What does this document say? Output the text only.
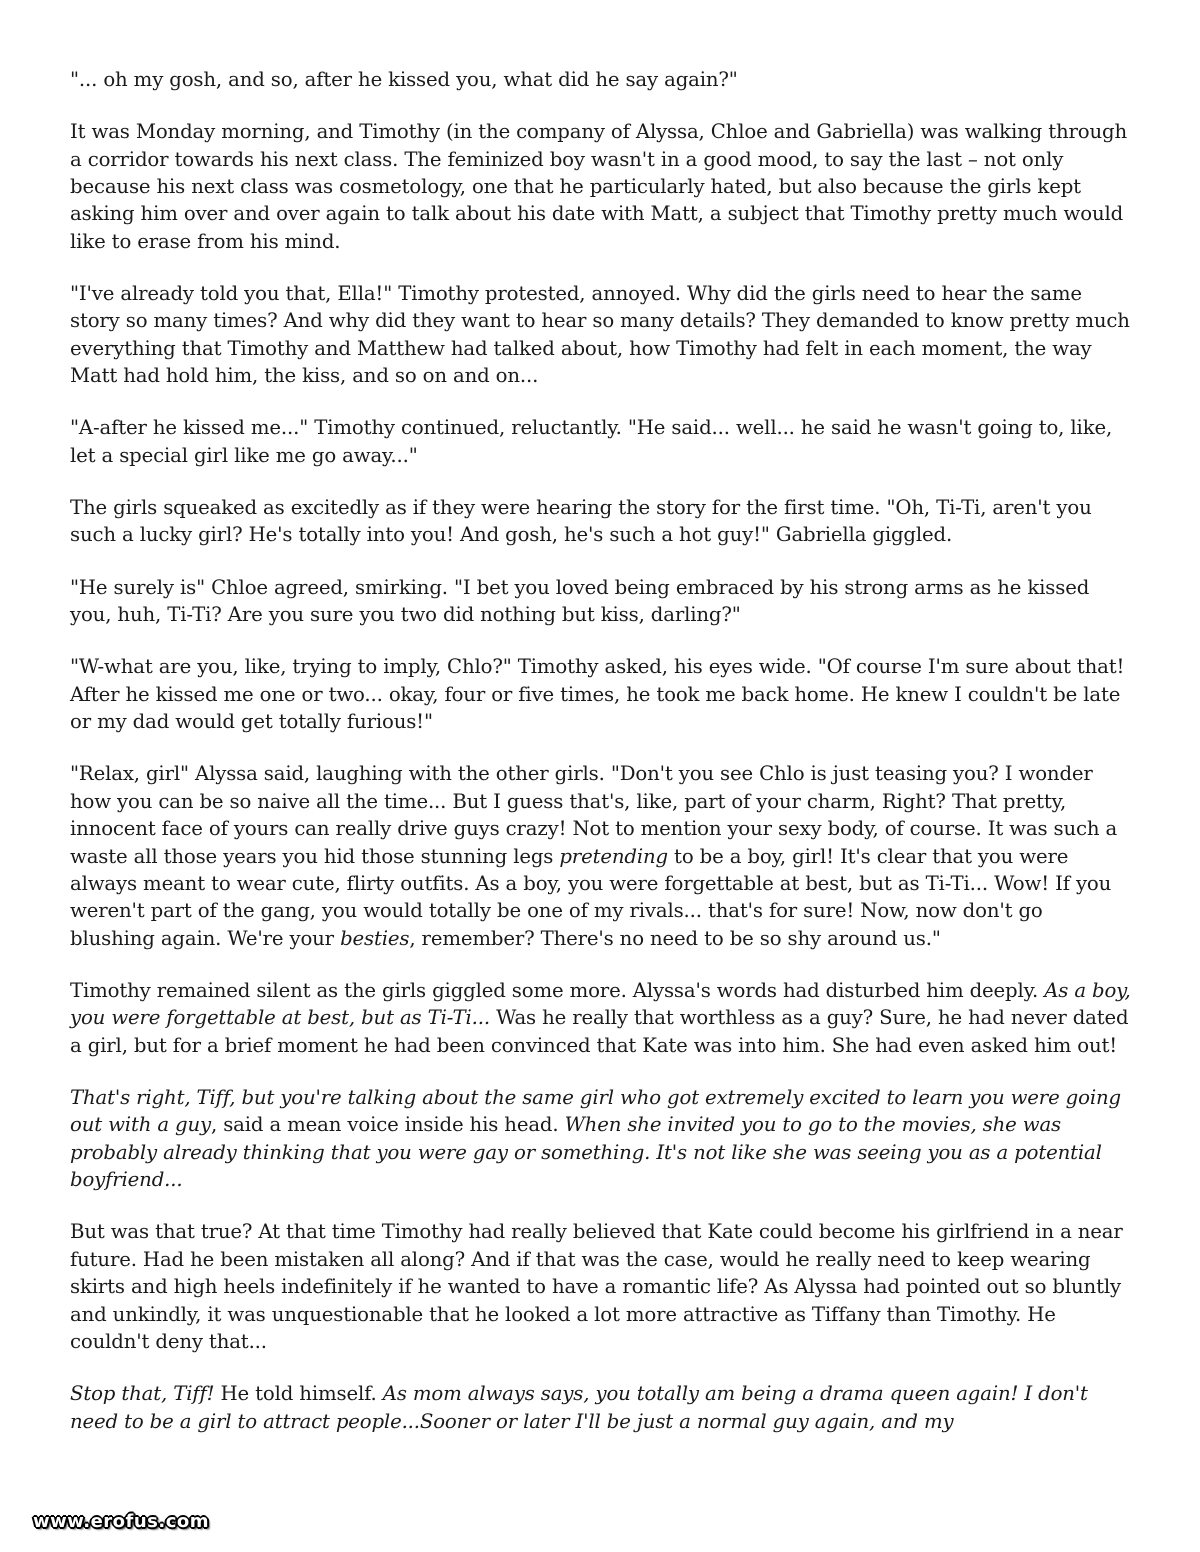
"... oh my gosh, and so, after he kissed you, what did he say again?"

It was Monday morning, and Timothy (in the company of Alyssa, Chloe and Gabriella) was walking through a corridor towards his next class. The feminized boy wasn't in a good mood, to say the last – not only because his next class was cosmetology, one that he particularly hated, but also because the girls kept asking him over and over again to talk about his date with Matt, a subject that Timothy pretty much would like to erase from his mind.

"I've already told you that, Ella!" Timothy protested, annoyed. Why did the girls need to hear the same story so many times? And why did they want to hear so many details? They demanded to know pretty much everything that Timothy and Matthew had talked about, how Timothy had felt in each moment, the way Matt had hold him, the kiss, and so on and on...

"A-after he kissed me..." Timothy continued, reluctantly. "He said... well... he said he wasn't going to, like, let a special girl like me go away..."

The girls squeaked as excitedly as if they were hearing the story for the first time. "Oh, Ti-Ti, aren't you such a lucky girl? He's totally into you! And gosh, he's such a hot guy!" Gabriella giggled.

"He surely is" Chloe agreed, smirking. "I bet you loved being embraced by his strong arms as he kissed you, huh, Ti-Ti? Are you sure you two did nothing but kiss, darling?"

"W-what are you, like, trying to imply, Chlo?" Timothy asked, his eyes wide. "Of course I'm sure about that! After he kissed me one or two... okay, four or five times, he took me back home. He knew I couldn't be late or my dad would get totally furious!"

"Relax, girl" Alyssa said, laughing with the other girls. "Don't you see Chlo is just teasing you? I wonder how you can be so naive all the time... But I guess that's, like, part of your charm, Right? That pretty, innocent face of yours can really drive guys crazy! Not to mention your sexy body, of course. It was such a waste all those years you hid those stunning legs pretending to be a boy, girl! It's clear that you were always meant to wear cute, flirty outfits. As a boy, you were forgettable at best, but as Ti-Ti... Wow! If you weren't part of the gang, you would totally be one of my rivals... that's for sure! Now, now don't go blushing again. We're your besties, remember? There's no need to be so shy around us."

Timothy remained silent as the girls giggled some more. Alyssa's words had disturbed him deeply. As a boy, you were forgettable at best, but as Ti-Ti... Was he really that worthless as a guy? Sure, he had never dated a girl, but for a brief moment he had been convinced that Kate was into him. She had even asked him out!

That's right, Tiff, but you're talking about the same girl who got extremely excited to learn you were going out with a guy, said a mean voice inside his head. When she invited you to go to the movies, she was probably already thinking that you were gay or something. It's not like she was seeing you as a potential boyfriend...

But was that true? At that time Timothy had really believed that Kate could become his girlfriend in a near future. Had he been mistaken all along? And if that was the case, would he really need to keep wearing skirts and high heels indefinitely if he wanted to have a romantic life? As Alyssa had pointed out so bluntly and unkindly, it was unquestionable that he looked a lot more attractive as Tiffany than Timothy. He couldn't deny that...

Stop that, Tiff! He told himself. As mom always says, you totally am being a drama queen again! I don't need to be a girl to attract people...Sooner or later I'll be just a normal guy again, and my

www.erofus.com
